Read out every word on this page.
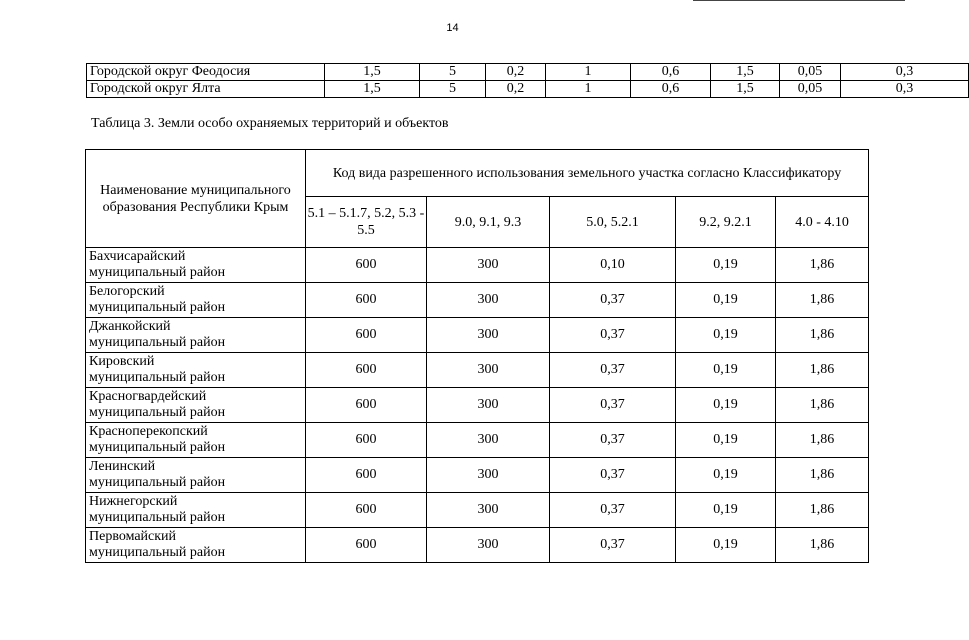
14
Городской округ Феодосия	1,5	5	0,2	1	0,6	1,5	0,05	0,3
Городской округ Ялта	1,5	5	0,2	1	0,6	1,5	0,05	0,3
Таблица 3. Земли особо охраняемых территорий и объектов
Наименование муниципального образования Республики Крым	Код вида разрешенного использования земельного участка согласно Классификатору				
	5.1 – 5.1.7, 5.2, 5.3 - 5.5	9.0, 9.1, 9.3	5.0, 5.2.1	9.2, 9.2.1	4.0 - 4.10

Бахчисарайский
муниципальный район	600	300	0,10	0,19	1,86

Белогорский
муниципальный район	600	300	0,37	0,19	1,86

Джанкойский
муниципальный район	600	300	0,37	0,19	1,86

Кировский
муниципальный район	600	300	0,37	0,19	1,86

Красногвардейский
муниципальный район	600	300	0,37	0,19	1,86

Красноперекопский
муниципальный район	600	300	0,37	0,19	1,86

Ленинский
муниципальный район	600	300	0,37	0,19	1,86

Нижнегорский
муниципальный район	600	300	0,37	0,19	1,86

Первомайский
муниципальный район	600	300	0,37	0,19	1,86
